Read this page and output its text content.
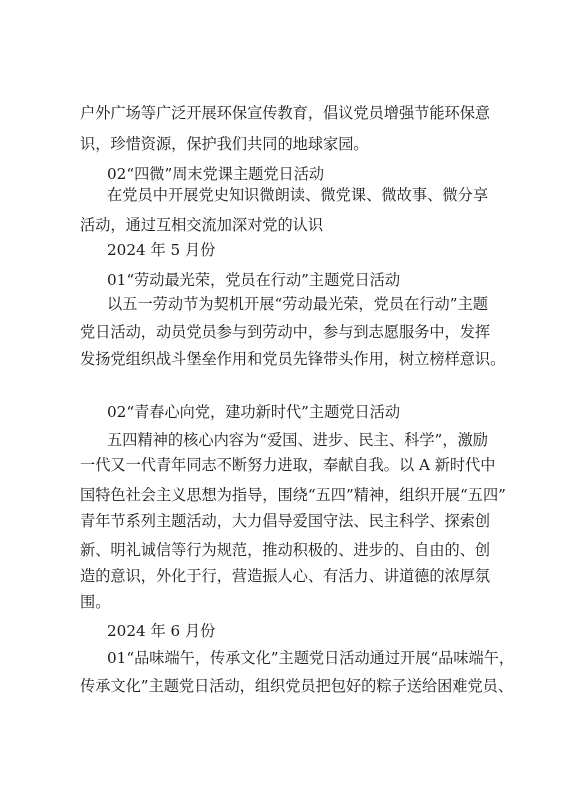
户外广场等广泛开展环保宣传教育，倡议党员增强节能环保意
识，珍惜资源，保护我们共同的地球家园。
02“四微”周末党课主题党日活动
在党员中开展党史知识微朗读、微党课、微故事、微分享
活动，通过互相交流加深对党的认识
2024 年 5 月份
01“劳动最光荣，党员在行动”主题党日活动
以五一劳动节为契机开展“劳动最光荣，党员在行动”主题
党日活动，动员党员参与到劳动中，参与到志愿服务中，发挥
发扬党组织战斗堡垒作用和党员先锋带头作用，树立榜样意识。
02“青春心向党，建功新时代”主题党日活动
五四精神的核心内容为“爱国、进步、民主、科学”，激励
一代又一代青年同志不断努力进取，奉献自我。以 A 新时代中
国特色社会主义思想为指导，围绕“五四”精神，组织开展“五四”
青年节系列主题活动，大力倡导爱国守法、民主科学、探索创
新、明礼诚信等行为规范，推动积极的、进步的、自由的、创
造的意识，外化于行，营造振人心、有活力、讲道德的浓厚氛
围。
2024 年 6 月份
01“品味端午，传承文化”主题党日活动通过开展“品味端午，
传承文化”主题党日活动，组织党员把包好的粽子送给困难党员、
